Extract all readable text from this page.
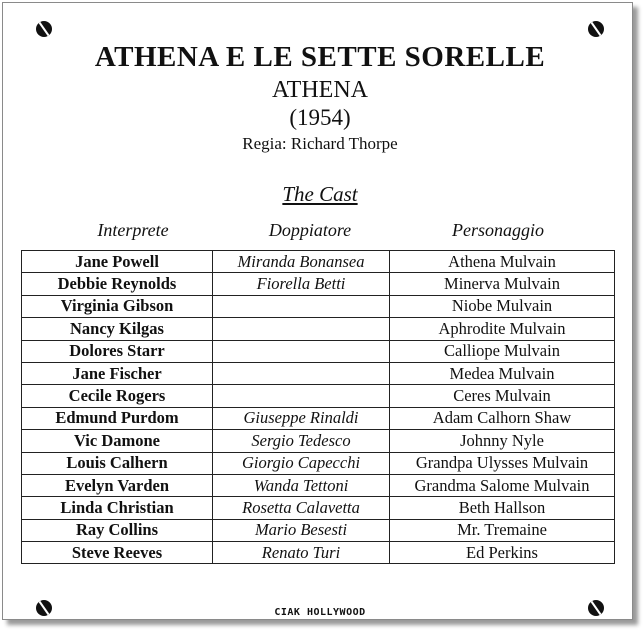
ATHENA E LE SETTE SORELLE
ATHENA
(1954)
Regia: Richard Thorpe
The Cast
Interprete	Doppiatore	Personaggio
Jane Powell	Miranda Bonansea	Athena Mulvain
Debbie Reynolds	Fiorella Betti	Minerva Mulvain
Virginia Gibson		Niobe Mulvain
Nancy Kilgas		Aphrodite Mulvain
Dolores Starr		Calliope Mulvain
Jane Fischer		Medea Mulvain
Cecile Rogers		Ceres Mulvain
Edmund Purdom	Giuseppe Rinaldi	Adam Calhorn Shaw
Vic Damone	Sergio Tedesco	Johnny Nyle
Louis Calhern	Giorgio Capecchi	Grandpa Ulysses Mulvain
Evelyn Varden	Wanda Tettoni	Grandma Salome Mulvain
Linda Christian	Rosetta Calavetta	Beth Hallson
Ray Collins	Mario Besesti	Mr. Tremaine
Steve Reeves	Renato Turi	Ed Perkins
CIAK HOLLYWOOD
